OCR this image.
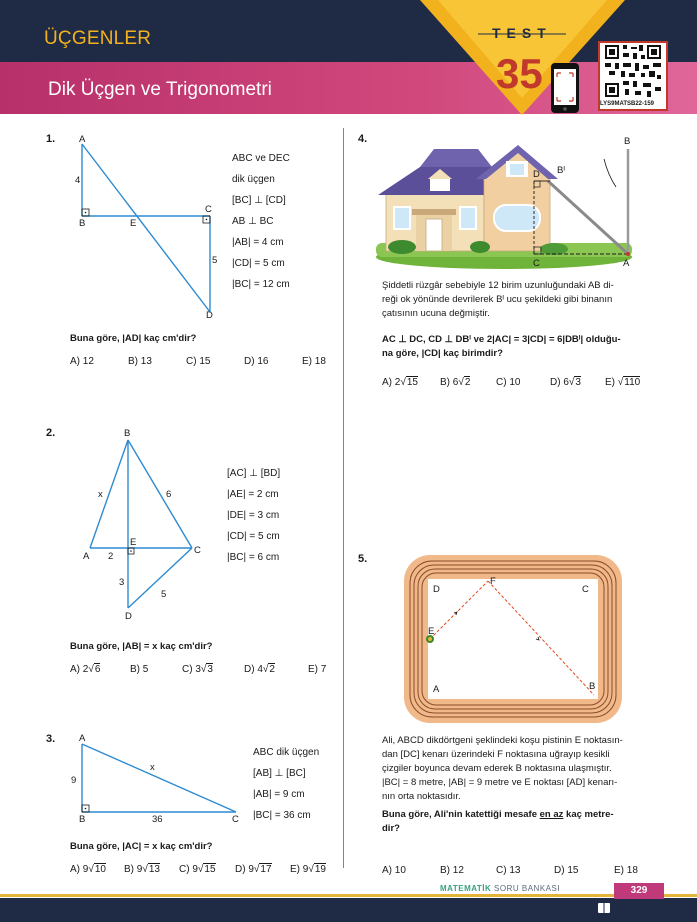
ÜÇGENLER
Dik Üçgen ve Trigonometri
TEST
35
LYS9MATSB22-159
1.	A
4
B	E
C
5
D
ABC ve DEC
dik üçgen
[BC] ⊥ [CD]
AB ⊥ BC
|AB| = 4 cm
|CD| = 5 cm
|BC| = 12 cm
Buna göre, |AD| kaç cm'dir?
A) 12	B) 13	C) 15	D) 16	E) 18
2.	B
x	6
A 2
E
C
3
5
D
[AC] ⊥ [BD]
|AE| = 2 cm
|DE| = 3 cm
|CD| = 5 cm
|BC| = 6 cm
Buna göre, |AB| = x kaç cm'dir?
A) 2√6	B) 5	C) 3√3	D) 4√2	E) 7
3.	A
9
x
B	36	C
ABC dik üçgen
[AB] ⊥ [BC]
|AB| = 9 cm
|BC| = 36 cm
Buna göre, |AC| = x kaç cm'dir?
A) 9√10	B) 9√13	C) 9√15	D) 9√17	E) 9√19
4.	B
D Bᴵ
C	A
Şiddetli rüzgâr sebebiyle 12 birim uzunluğundaki AB di-
reği ok yönünde devrilerek Bᴵ ucu şekildeki gibi binanın
çatısının ucuna değmiştir.
AC ⊥ DC, CD ⊥ DBᴵ ve 2|AC| = 3|CD| = 6|DBᴵ| olduğu-
na göre, |CD| kaç birimdir?
A) 2√15	B) 6√2	C) 10	D) 6√3	E) √110
5.
D
F
C
E
A	B
Ali, ABCD dikdörtgeni şeklindeki koşu pistinin E noktasın-
dan [DC] kenarı üzerindeki F noktasına uğrayıp kesikli
çizgiler boyunca devam ederek B noktasına ulaşmıştır.
|BC| = 8 metre, |AB| = 9 metre ve E noktası [AD] kenarı-
nın orta noktasıdır.
Buna göre, Ali'nin katettiği mesafe en az kaç metre-
dir?
A) 10	B) 12	C) 13	D) 15	E) 18
MATEMATİK SORU BANKASI	329
